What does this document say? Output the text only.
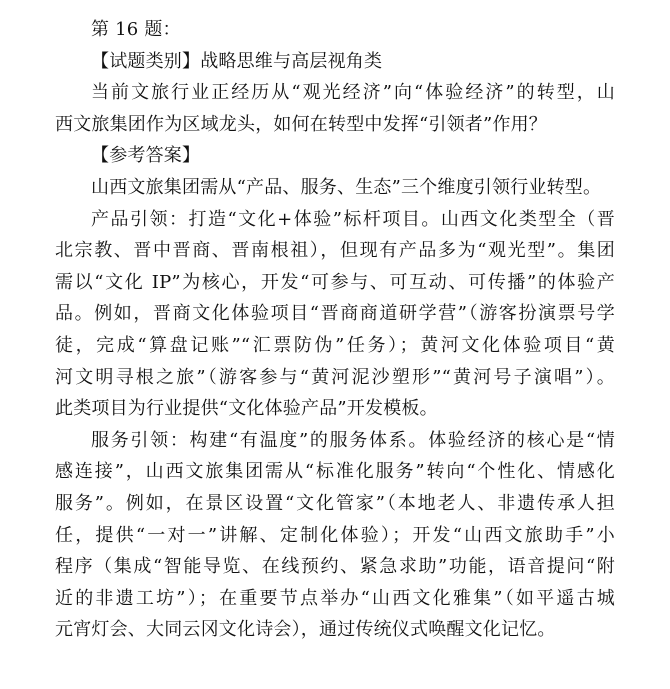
第 16 题：
【试题类别】战略思维与高层视角类
当前文旅行业正经历从“观光经济”向“体验经济”的转型，山
西文旅集团作为区域龙头，如何在转型中发挥“引领者”作用？
【参考答案】
山西文旅集团需从“产品、服务、生态”三个维度引领行业转型。
产品引领：打造“文化+体验”标杆项目。山西文化类型全（晋
北宗教、晋中晋商、晋南根祖），但现有产品多为“观光型”。集团
需以“文化 IP”为核心，开发“可参与、可互动、可传播”的体验产
品。例如，晋商文化体验项目“晋商商道研学营”（游客扮演票号学
徒，完成“算盘记账”“汇票防伪”任务）；黄河文化体验项目“黄
河文明寻根之旅”（游客参与“黄河泥沙塑形”“黄河号子演唱”）。
此类项目为行业提供“文化体验产品”开发模板。
服务引领：构建“有温度”的服务体系。体验经济的核心是“情
感连接”，山西文旅集团需从“标准化服务”转向“个性化、情感化
服务”。例如，在景区设置“文化管家”（本地老人、非遗传承人担
任，提供“一对一”讲解、定制化体验）；开发“山西文旅助手”小
程序（集成“智能导览、在线预约、紧急求助”功能，语音提问“附
近的非遗工坊”）；在重要节点举办“山西文化雅集”（如平遥古城
元宵灯会、大同云冈文化诗会），通过传统仪式唤醒文化记忆。
